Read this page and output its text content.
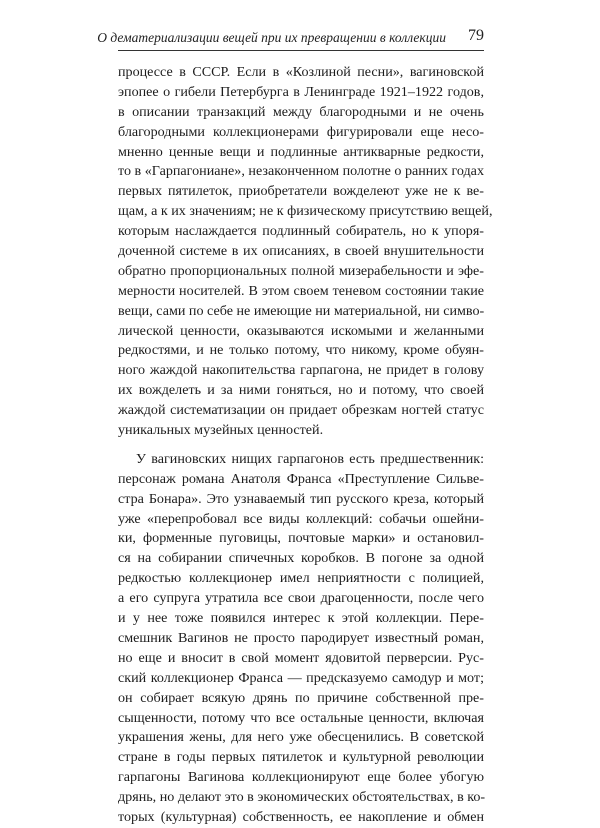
О дематериализации вещей при их превращении в коллекции 79
процессе в СССР. Если в «Козлиной песни», вагиновской
эпопее о гибели Петербурга в Ленинграде 1921–1922 годов,
в описании транзакций между благородными и не очень
благородными коллекционерами фигурировали еще несо-
мненно ценные вещи и подлинные антикварные редкости,
то в «Гарпагониане», незаконченном полотне о ранних годах
первых пятилеток, приобретатели вожделеют уже не к ве-
щам, а к их значениям; не к физическому присутствию вещей,
которым наслаждается подлинный собиратель, но к упоря-
доченной системе в их описаниях, в своей внушительности
обратно пропорциональных полной мизерабельности и эфе-
мерности носителей. В этом своем теневом состоянии такие
вещи, сами по себе не имеющие ни материальной, ни симво-
лической ценности, оказываются искомыми и желанными
редкостями, и не только потому, что никому, кроме обуян-
ного жаждой накопительства гарпагона, не придет в голову
их вожделеть и за ними гоняться, но и потому, что своей
жаждой систематизации он придает обрезкам ногтей статус
уникальных музейных ценностей.
У вагиновских нищих гарпагонов есть предшественник:
персонаж романа Анатоля Франса «Преступление Сильве-
стра Бонара». Это узнаваемый тип русского креза, который
уже «перепробовал все виды коллекций: собачьи ошейни-
ки, форменные пуговицы, почтовые марки» и остановил-
ся на собирании спичечных коробков. В погоне за одной
редкостью коллекционер имел неприятности с полицией,
а его супруга утратила все свои драгоценности, после чего
и у нее тоже появился интерес к этой коллекции. Пере-
смешник Вагинов не просто пародирует известный роман,
но еще и вносит в свой момент ядовитой перверсии. Рус-
ский коллекционер Франса — предсказуемо самодур и мот;
он собирает всякую дрянь по причине собственной пре-
сыщенности, потому что все остальные ценности, включая
украшения жены, для него уже обесценились. В советской
стране в годы первых пятилеток и культурной революции
гарпагоны Вагинова коллекционируют еще более убогую
дрянь, но делают это в экономических обстоятельствах, в ко-
торых (культурная) собственность, ее накопление и обмен
